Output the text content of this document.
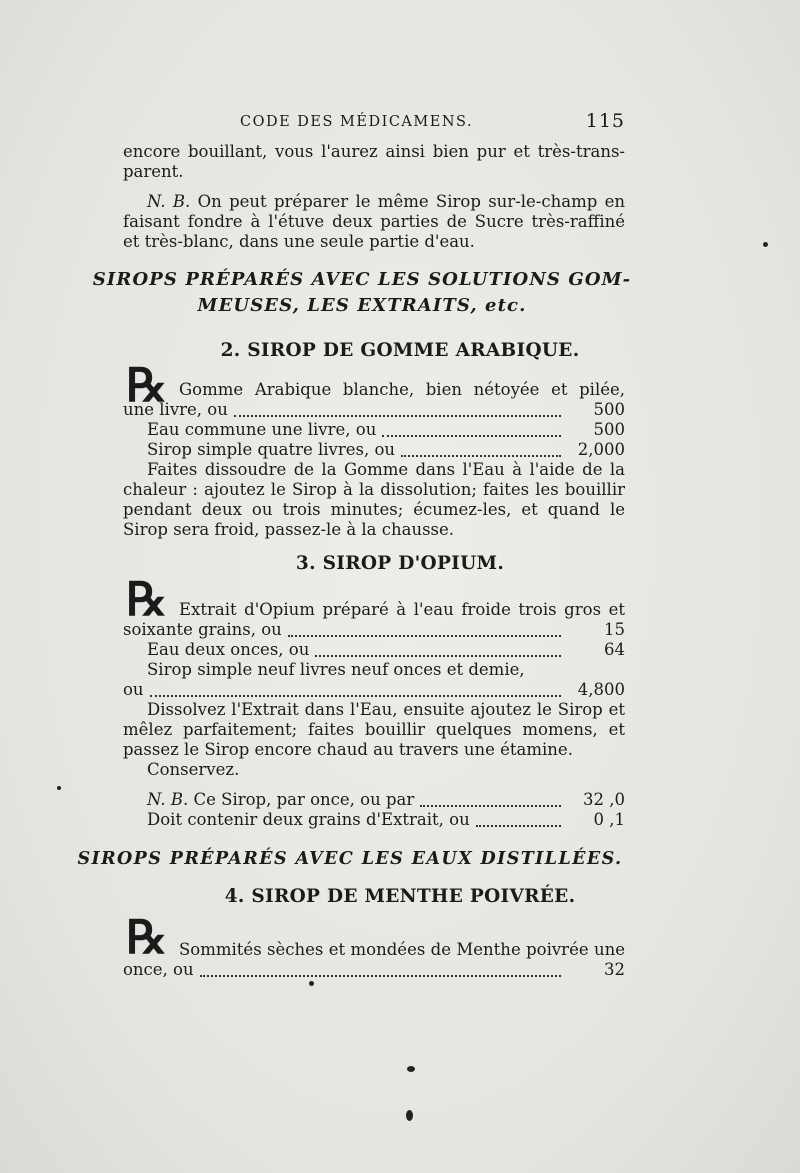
CODE DES MÉDICAMENS.	115
encore bouillant, vous l'aurez ainsi bien pur et très-trans-
parent.
N. B. On peut préparer le même Sirop sur-le-champ en
faisant fondre à l'étuve deux parties de Sucre très-raffiné
et très-blanc, dans une seule partie d'eau.
SIROPS PRÉPARÉS AVEC LES SOLUTIONS GOM-
MEUSES, LES EXTRAITS, etc.
2. SIROP DE GOMME ARABIQUE.
℞ Gomme Arabique blanche, bien nétoyée et pilée,
une livre, ou	500
Eau commune une livre, ou	500
Sirop simple quatre livres, ou	2,000
Faites dissoudre de la Gomme dans l'Eau à l'aide de la
chaleur : ajoutez le Sirop à la dissolution; faites les bouillir
pendant deux ou trois minutes; écumez-les, et quand le
Sirop sera froid, passez-le à la chausse.
3. SIROP D'OPIUM.
℞ Extrait d'Opium préparé à l'eau froide trois gros et
soixante grains, ou	15
Eau deux onces, ou	64
Sirop simple neuf livres neuf onces et demie,
ou	4,800
Dissolvez l'Extrait dans l'Eau, ensuite ajoutez le Sirop et
mêlez parfaitement; faites bouillir quelques momens, et
passez le Sirop encore chaud au travers une étamine.
Conservez.
N. B. Ce Sirop, par once, ou par	32 ,0
Doit contenir deux grains d'Extrait, ou	0 ,1
SIROPS PRÉPARÉS AVEC LES EAUX DISTILLÉES.
4. SIROP DE MENTHE POIVRÉE.
℞ Sommités sèches et mondées de Menthe poivrée une
once, ou	32
